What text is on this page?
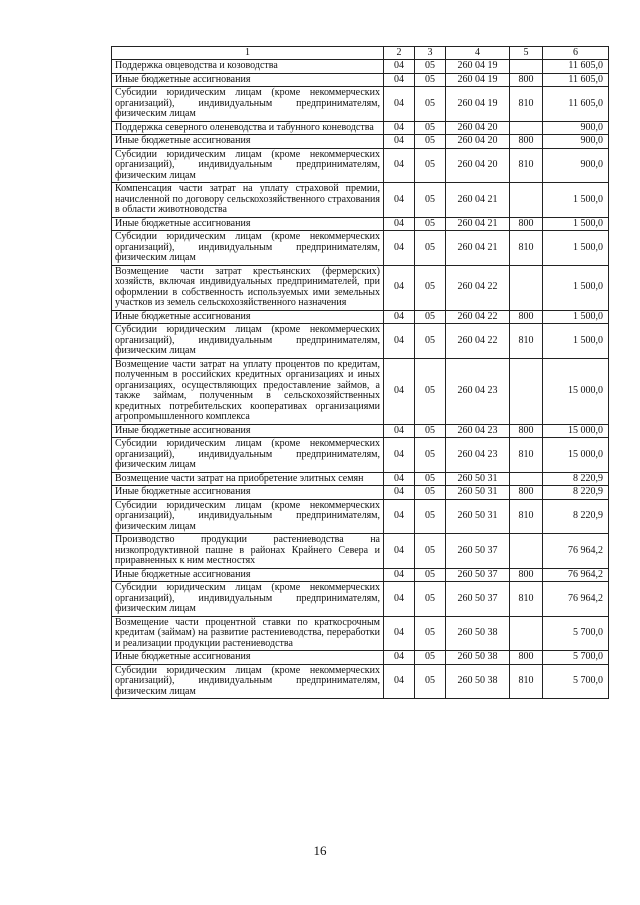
1	2	3	4	5	6
Поддержка овцеводства и козоводства	04	05	260 04 19		11 605,0
Иные бюджетные ассигнования	04	05	260 04 19	800	11 605,0
Субсидии юридическим лицам (кроме некоммерческих организаций), индивидуальным предпринимателям, физическим лицам	04	05	260 04 19	810	11 605,0
Поддержка северного оленеводства и табунного коневодства	04	05	260 04 20		900,0
Иные бюджетные ассигнования	04	05	260 04 20	800	900,0
Субсидии юридическим лицам (кроме некоммерческих организаций), индивидуальным предпринимателям, физическим лицам	04	05	260 04 20	810	900,0
Компенсация части затрат на уплату страховой премии, начисленной по договору сельскохозяйственного страхования в области животноводства	04	05	260 04 21		1 500,0
Иные бюджетные ассигнования	04	05	260 04 21	800	1 500,0
Субсидии юридическим лицам (кроме некоммерческих организаций), индивидуальным предпринимателям, физическим лицам	04	05	260 04 21	810	1 500,0
Возмещение части затрат крестьянских (фермерских) хозяйств, включая индивидуальных предпринимателей, при оформлении в собственность используемых ими земельных участков из земель сельскохозяйственного назначения	04	05	260 04 22		1 500,0
Иные бюджетные ассигнования	04	05	260 04 22	800	1 500,0
Субсидии юридическим лицам (кроме некоммерческих организаций), индивидуальным предпринимателям, физическим лицам	04	05	260 04 22	810	1 500,0
Возмещение части затрат на уплату процентов по кредитам, полученным в российских кредитных организациях и иных организациях, осуществляющих предоставление займов, а также займам, полученным в сельскохозяйственных кредитных потребительских кооперативах организациями агропромышленного комплекса	04	05	260 04 23		15 000,0
Иные бюджетные ассигнования	04	05	260 04 23	800	15 000,0
Субсидии юридическим лицам (кроме некоммерческих организаций), индивидуальным предпринимателям, физическим лицам	04	05	260 04 23	810	15 000,0
Возмещение части затрат на приобретение элитных семян	04	05	260 50 31		8 220,9
Иные бюджетные ассигнования	04	05	260 50 31	800	8 220,9
Субсидии юридическим лицам (кроме некоммерческих организаций), индивидуальным предпринимателям, физическим лицам	04	05	260 50 31	810	8 220,9
Производство продукции растениеводства на низкопродуктивной пашне в районах Крайнего Севера и приравненных к ним местностях	04	05	260 50 37		76 964,2
Иные бюджетные ассигнования	04	05	260 50 37	800	76 964,2
Субсидии юридическим лицам (кроме некоммерческих организаций), индивидуальным предпринимателям, физическим лицам	04	05	260 50 37	810	76 964,2
Возмещение части процентной ставки по краткосрочным кредитам (займам) на развитие растениеводства, переработки и реализации продукции растениеводства	04	05	260 50 38		5 700,0
Иные бюджетные ассигнования	04	05	260 50 38	800	5 700,0
Субсидии юридическим лицам (кроме некоммерческих организаций), индивидуальным предпринимателям, физическим лицам	04	05	260 50 38	810	5 700,0
16
